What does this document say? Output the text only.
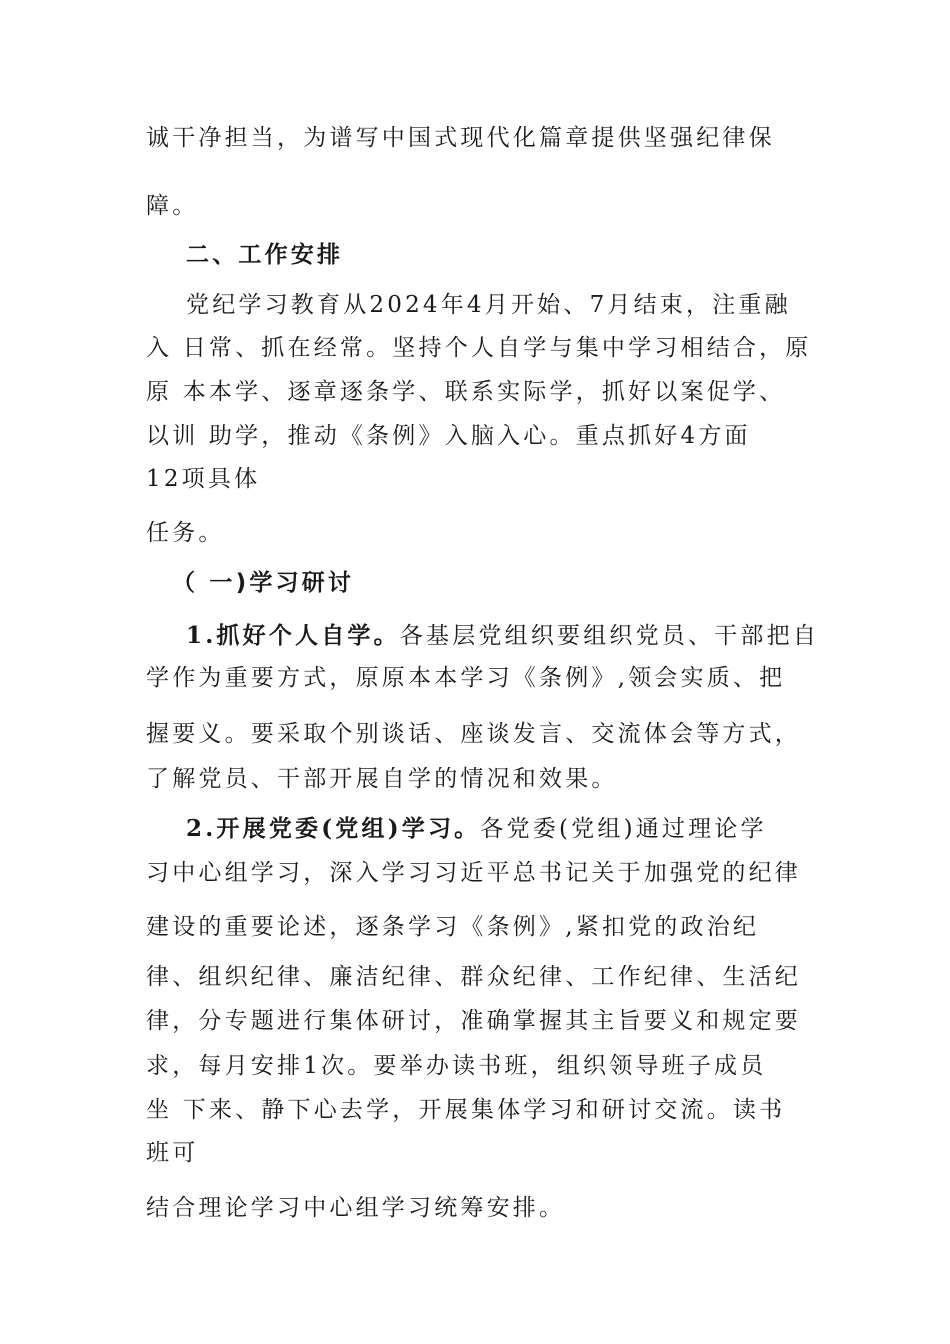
诚干净担当，为谱写中国式现代化篇章提供坚强纪律保
障。
二、工作安排
党纪学习教育从2024年4月开始、7月结束，注重融
入 日常、抓在经常。坚持个人自学与集中学习相结合，原
原 本本学、逐章逐条学、联系实际学，抓好以案促学、
以训 助学，推动《条例》入脑入心。重点抓好4方面
12项具体
任务。
（ 一)学习研讨
1.抓好个人自学。各基层党组织要组织党员、干部把自
学作为重要方式，原原本本学习《条例》,领会实质、把
握要义。要采取个别谈话、座谈发言、交流体会等方式，
了解党员、干部开展自学的情况和效果。
2.开展党委(党组)学习。各党委(党组)通过理论学
习中心组学习，深入学习习近平总书记关于加强党的纪律
建设的重要论述，逐条学习《条例》,紧扣党的政治纪
律、组织纪律、廉洁纪律、群众纪律、工作纪律、生活纪
律，分专题进行集体研讨，准确掌握其主旨要义和规定要
求，每月安排1次。要举办读书班，组织领导班子成员
坐 下来、静下心去学，开展集体学习和研讨交流。读书
班可
结合理论学习中心组学习统筹安排。
